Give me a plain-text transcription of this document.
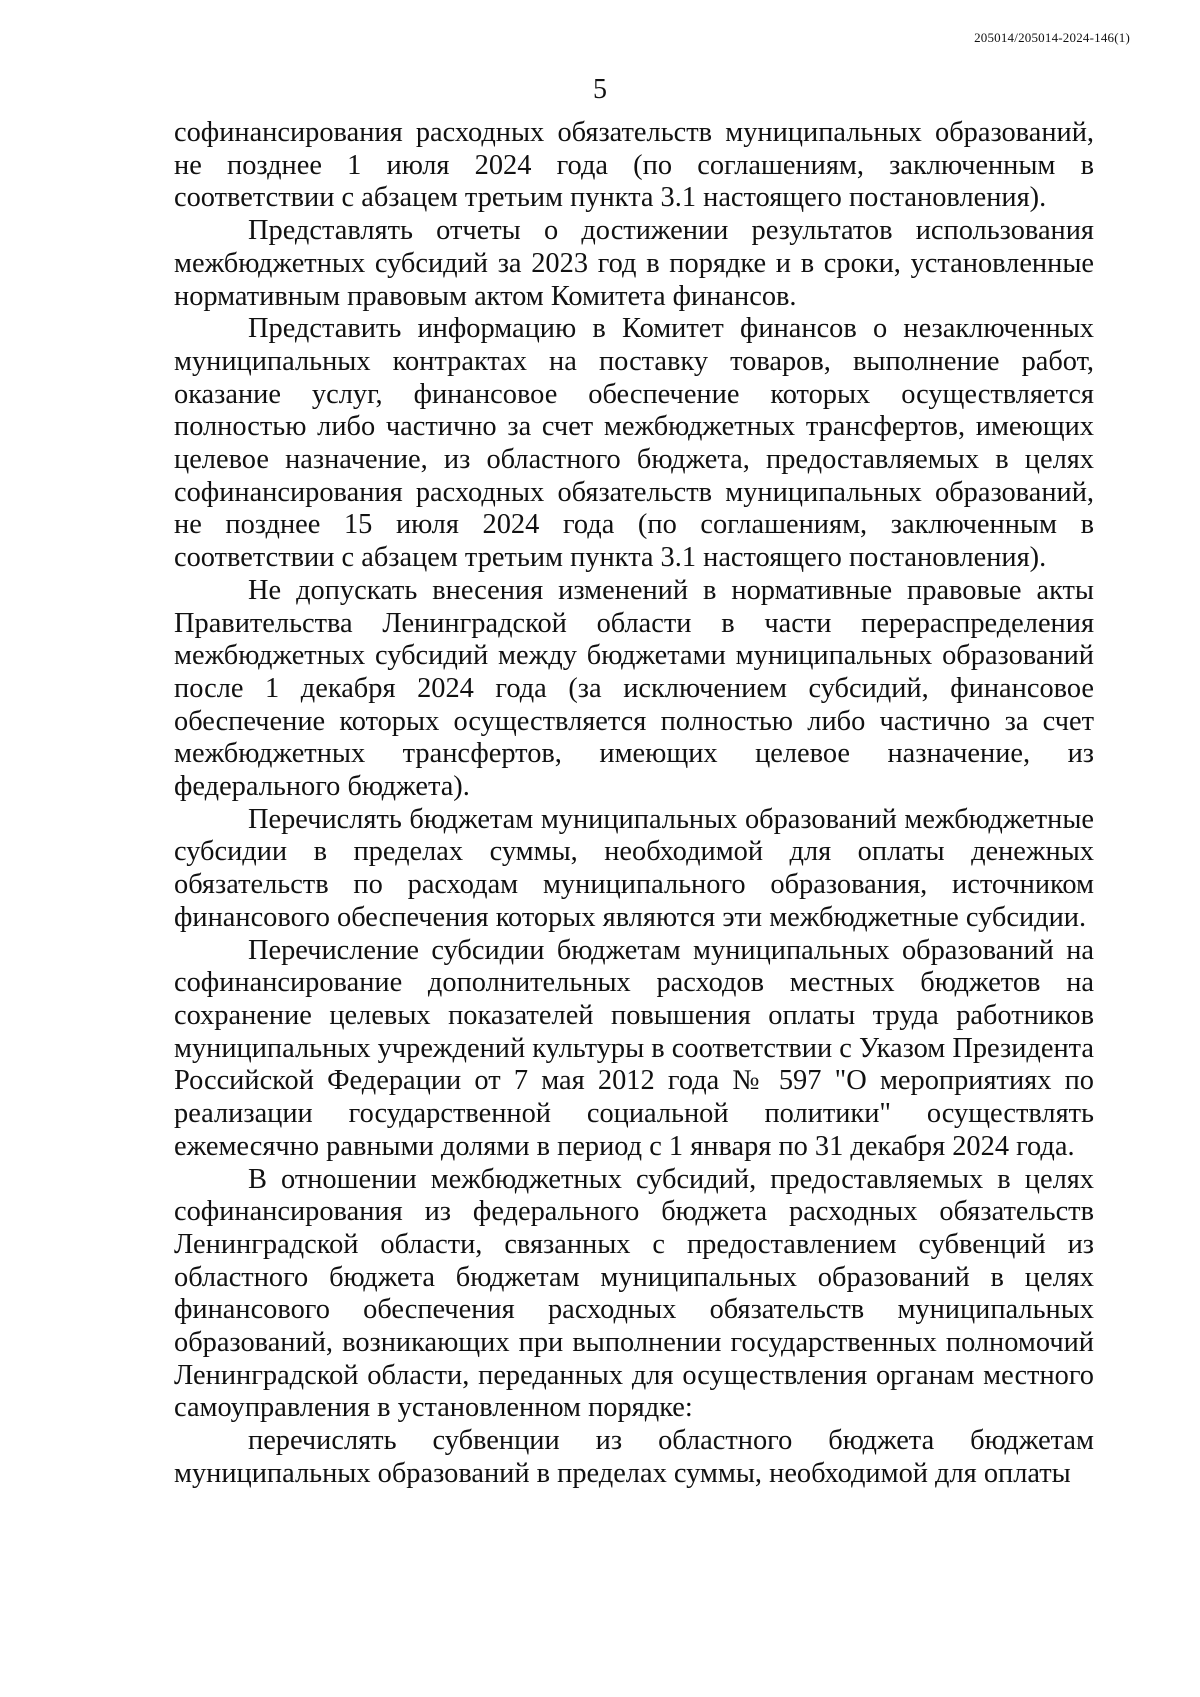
205014/205014-2024-146(1)
5

софинансирования расходных обязательств муниципальных образований, не позднее 1 июля 2024 года (по соглашениям, заключенным в соответствии с абзацем третьим пункта 3.1 настоящего постановления).

Представлять отчеты о достижении результатов использования межбюджетных субсидий за 2023 год в порядке и в сроки, установленные нормативным правовым актом Комитета финансов.

Представить информацию в Комитет финансов о незаключенных муниципальных контрактах на поставку товаров, выполнение работ, оказание услуг, финансовое обеспечение которых осуществляется полностью либо частично за счет межбюджетных трансфертов, имеющих целевое назначение, из областного бюджета, предоставляемых в целях софинансирования расходных обязательств муниципальных образований, не позднее 15 июля 2024 года (по соглашениям, заключенным в соответствии с абзацем третьим пункта 3.1 настоящего постановления).

Не допускать внесения изменений в нормативные правовые акты Правительства Ленинградской области в части перераспределения межбюджетных субсидий между бюджетами муниципальных образований после 1 декабря 2024 года (за исключением субсидий, финансовое обеспечение которых осуществляется полностью либо частично за счет межбюджетных трансфертов, имеющих целевое назначение, из федерального бюджета).

Перечислять бюджетам муниципальных образований межбюджетные субсидии в пределах суммы, необходимой для оплаты денежных обязательств по расходам муниципального образования, источником финансового обеспечения которых являются эти межбюджетные субсидии.

Перечисление субсидии бюджетам муниципальных образований на софинансирование дополнительных расходов местных бюджетов на сохранение целевых показателей повышения оплаты труда работников муниципальных учреждений культуры в соответствии с Указом Президента Российской Федерации от 7 мая 2012 года № 597 "О мероприятиях по реализации государственной социальной политики" осуществлять ежемесячно равными долями в период с 1 января по 31 декабря 2024 года.

В отношении межбюджетных субсидий, предоставляемых в целях софинансирования из федерального бюджета расходных обязательств Ленинградской области, связанных с предоставлением субвенций из областного бюджета бюджетам муниципальных образований в целях финансового обеспечения расходных обязательств муниципальных образований, возникающих при выполнении государственных полномочий Ленинградской области, переданных для осуществления органам местного самоуправления в установленном порядке:

перечислять субвенции из областного бюджета бюджетам муниципальных образований в пределах суммы, необходимой для оплаты
